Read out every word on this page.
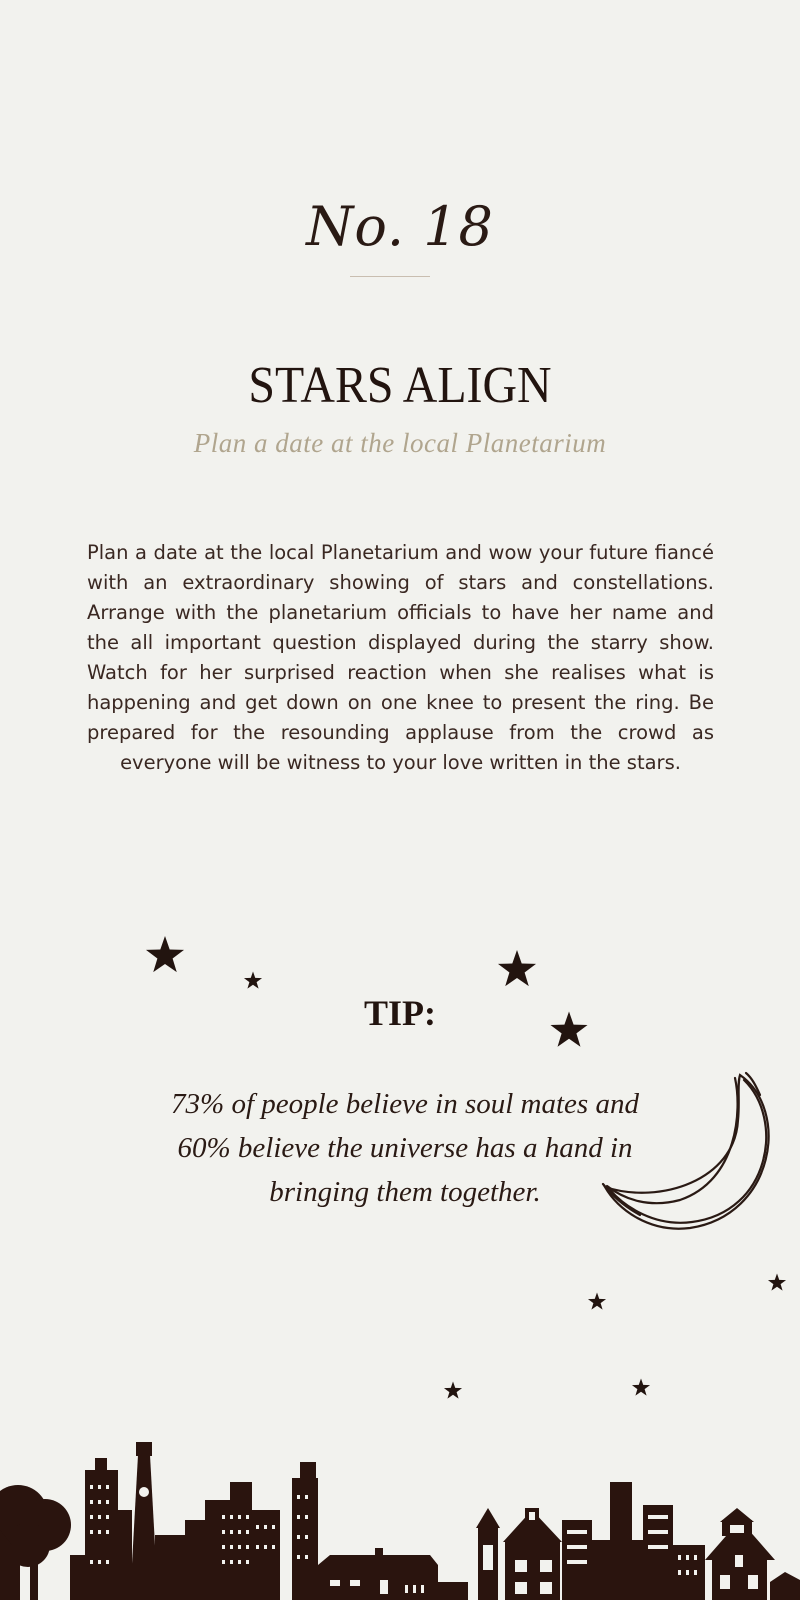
No. 18
STARS ALIGN
Plan a date at the local Planetarium
Plan a date at the local Planetarium and wow your future fiancé with an extraordinary showing of stars and constellations. Arrange with the planetarium officials to have her name and the all important question displayed during the starry show. Watch for her surprised reaction when she realises what is happening and get down on one knee to present the ring. Be prepared for the resounding applause from the crowd as everyone will be witness to your love written in the stars.
TIP:
73% of people believe in soul mates and 60% believe the universe has a hand in bringing them together.
